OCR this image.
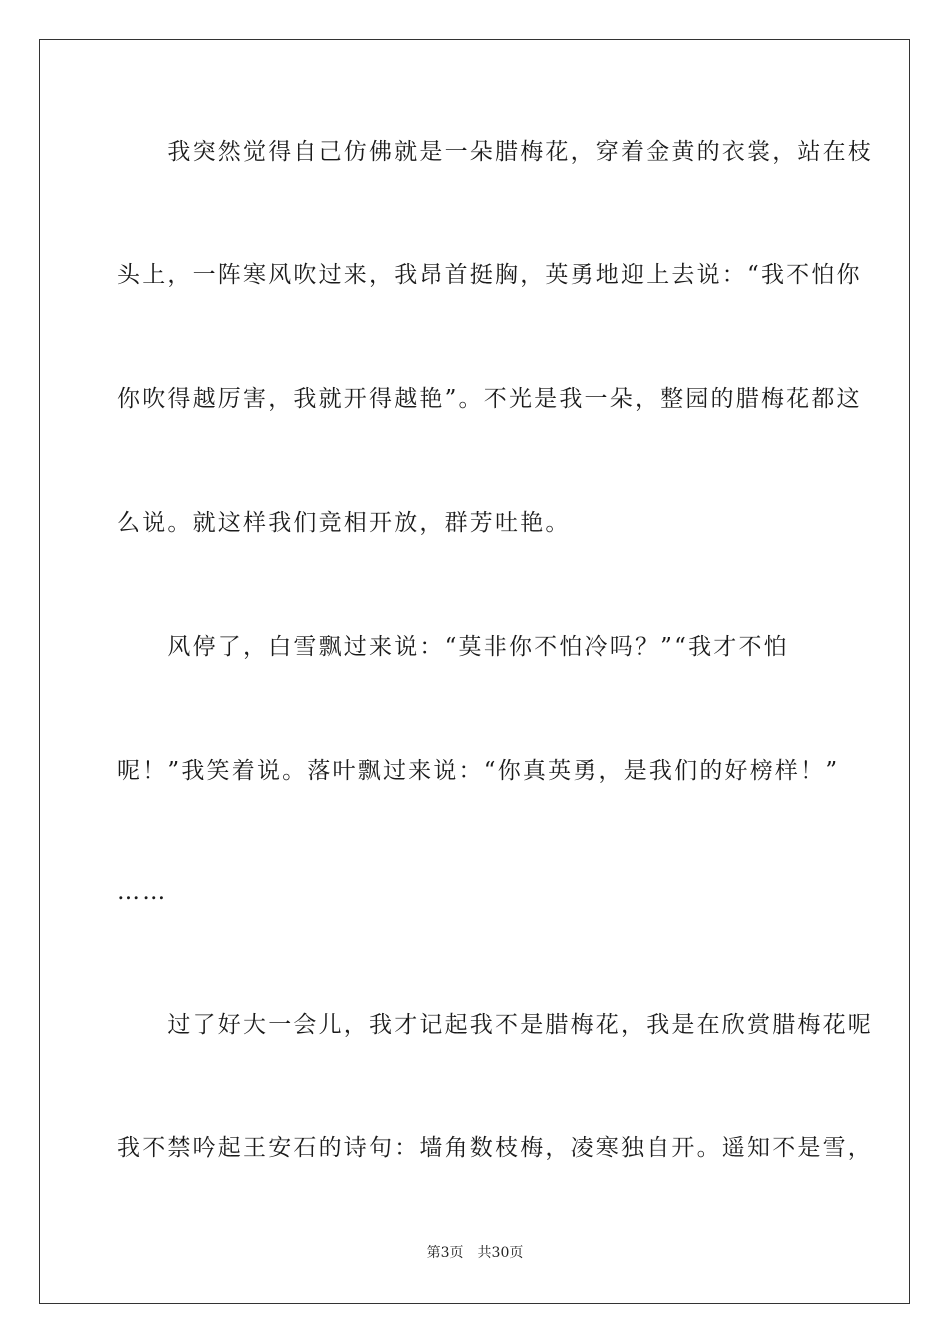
　　我突然觉得自己仿佛就是一朵腊梅花，穿着金黄的衣裳，站在枝
头上，一阵寒风吹过来，我昂首挺胸，英勇地迎上去说：“我不怕你
你吹得越厉害，我就开得越艳”。不光是我一朵，整园的腊梅花都这
么说。就这样我们竞相开放，群芳吐艳。
　　风停了，白雪飘过来说：“莫非你不怕冷吗？”“我才不怕
呢！”我笑着说。落叶飘过来说：“你真英勇，是我们的好榜样！”
……
　　过了好大一会儿，我才记起我不是腊梅花，我是在欣赏腊梅花呢
我不禁吟起王安石的诗句：墙角数枝梅，凌寒独自开。遥知不是雪，
第3页 共30页
